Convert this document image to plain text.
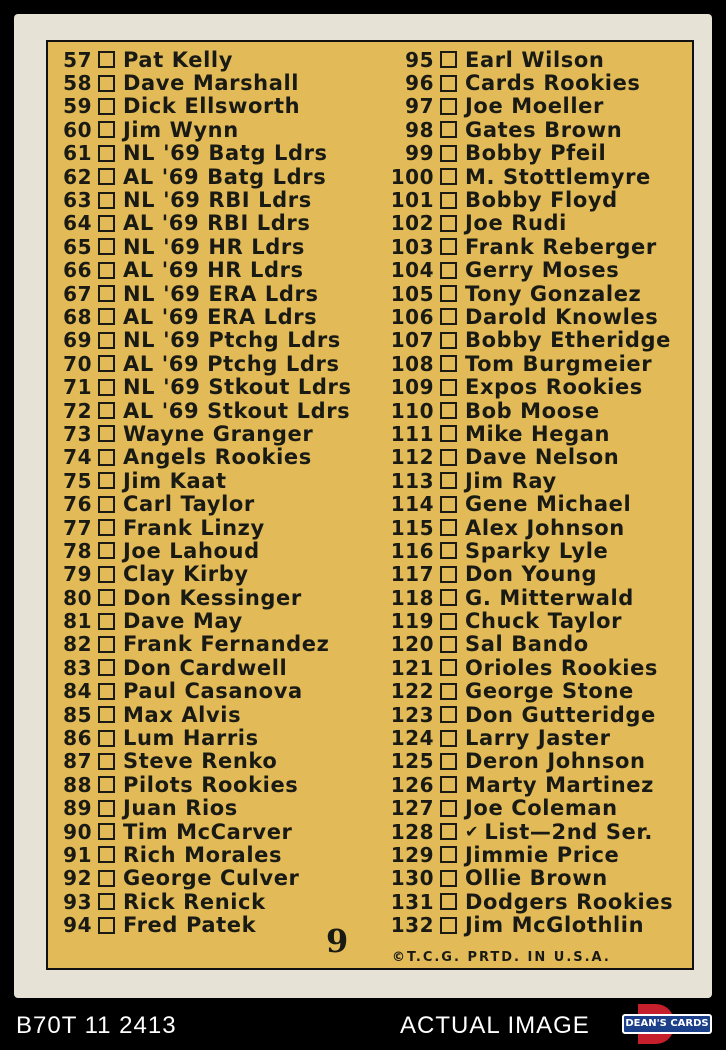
57 Pat Kelly
58 Dave Marshall
59 Dick Ellsworth
60 Jim Wynn
61 NL '69 Batg Ldrs
62 AL '69 Batg Ldrs
63 NL '69 RBI Ldrs
64 AL '69 RBI Ldrs
65 NL '69 HR Ldrs
66 AL '69 HR Ldrs
67 NL '69 ERA Ldrs
68 AL '69 ERA Ldrs
69 NL '69 Ptchg Ldrs
70 AL '69 Ptchg Ldrs
71 NL '69 Stkout Ldrs
72 AL '69 Stkout Ldrs
73 Wayne Granger
74 Angels Rookies
75 Jim Kaat
76 Carl Taylor
77 Frank Linzy
78 Joe Lahoud
79 Clay Kirby
80 Don Kessinger
81 Dave May
82 Frank Fernandez
83 Don Cardwell
84 Paul Casanova
85 Max Alvis
86 Lum Harris
87 Steve Renko
88 Pilots Rookies
89 Juan Rios
90 Tim McCarver
91 Rich Morales
92 George Culver
93 Rick Renick
94 Fred Patek
95 Earl Wilson
96 Cards Rookies
97 Joe Moeller
98 Gates Brown
99 Bobby Pfeil
100 M. Stottlemyre
101 Bobby Floyd
102 Joe Rudi
103 Frank Reberger
104 Gerry Moses
105 Tony Gonzalez
106 Darold Knowles
107 Bobby Etheridge
108 Tom Burgmeier
109 Expos Rookies
110 Bob Moose
111 Mike Hegan
112 Dave Nelson
113 Jim Ray
114 Gene Michael
115 Alex Johnson
116 Sparky Lyle
117 Don Young
118 G. Mitterwald
119 Chuck Taylor
120 Sal Bando
121 Orioles Rookies
122 George Stone
123 Don Gutteridge
124 Larry Jaster
125 Deron Johnson
126 Marty Martinez
127 Joe Coleman
128 ✔ List—2nd Ser.
129 Jimmie Price
130 Ollie Brown
131 Dodgers Rookies
132 Jim McGlothlin
9	©T.C.G. PRTD. IN U.S.A.
B70T 11 2413	ACTUAL IMAGE	DEAN'S CARDS
